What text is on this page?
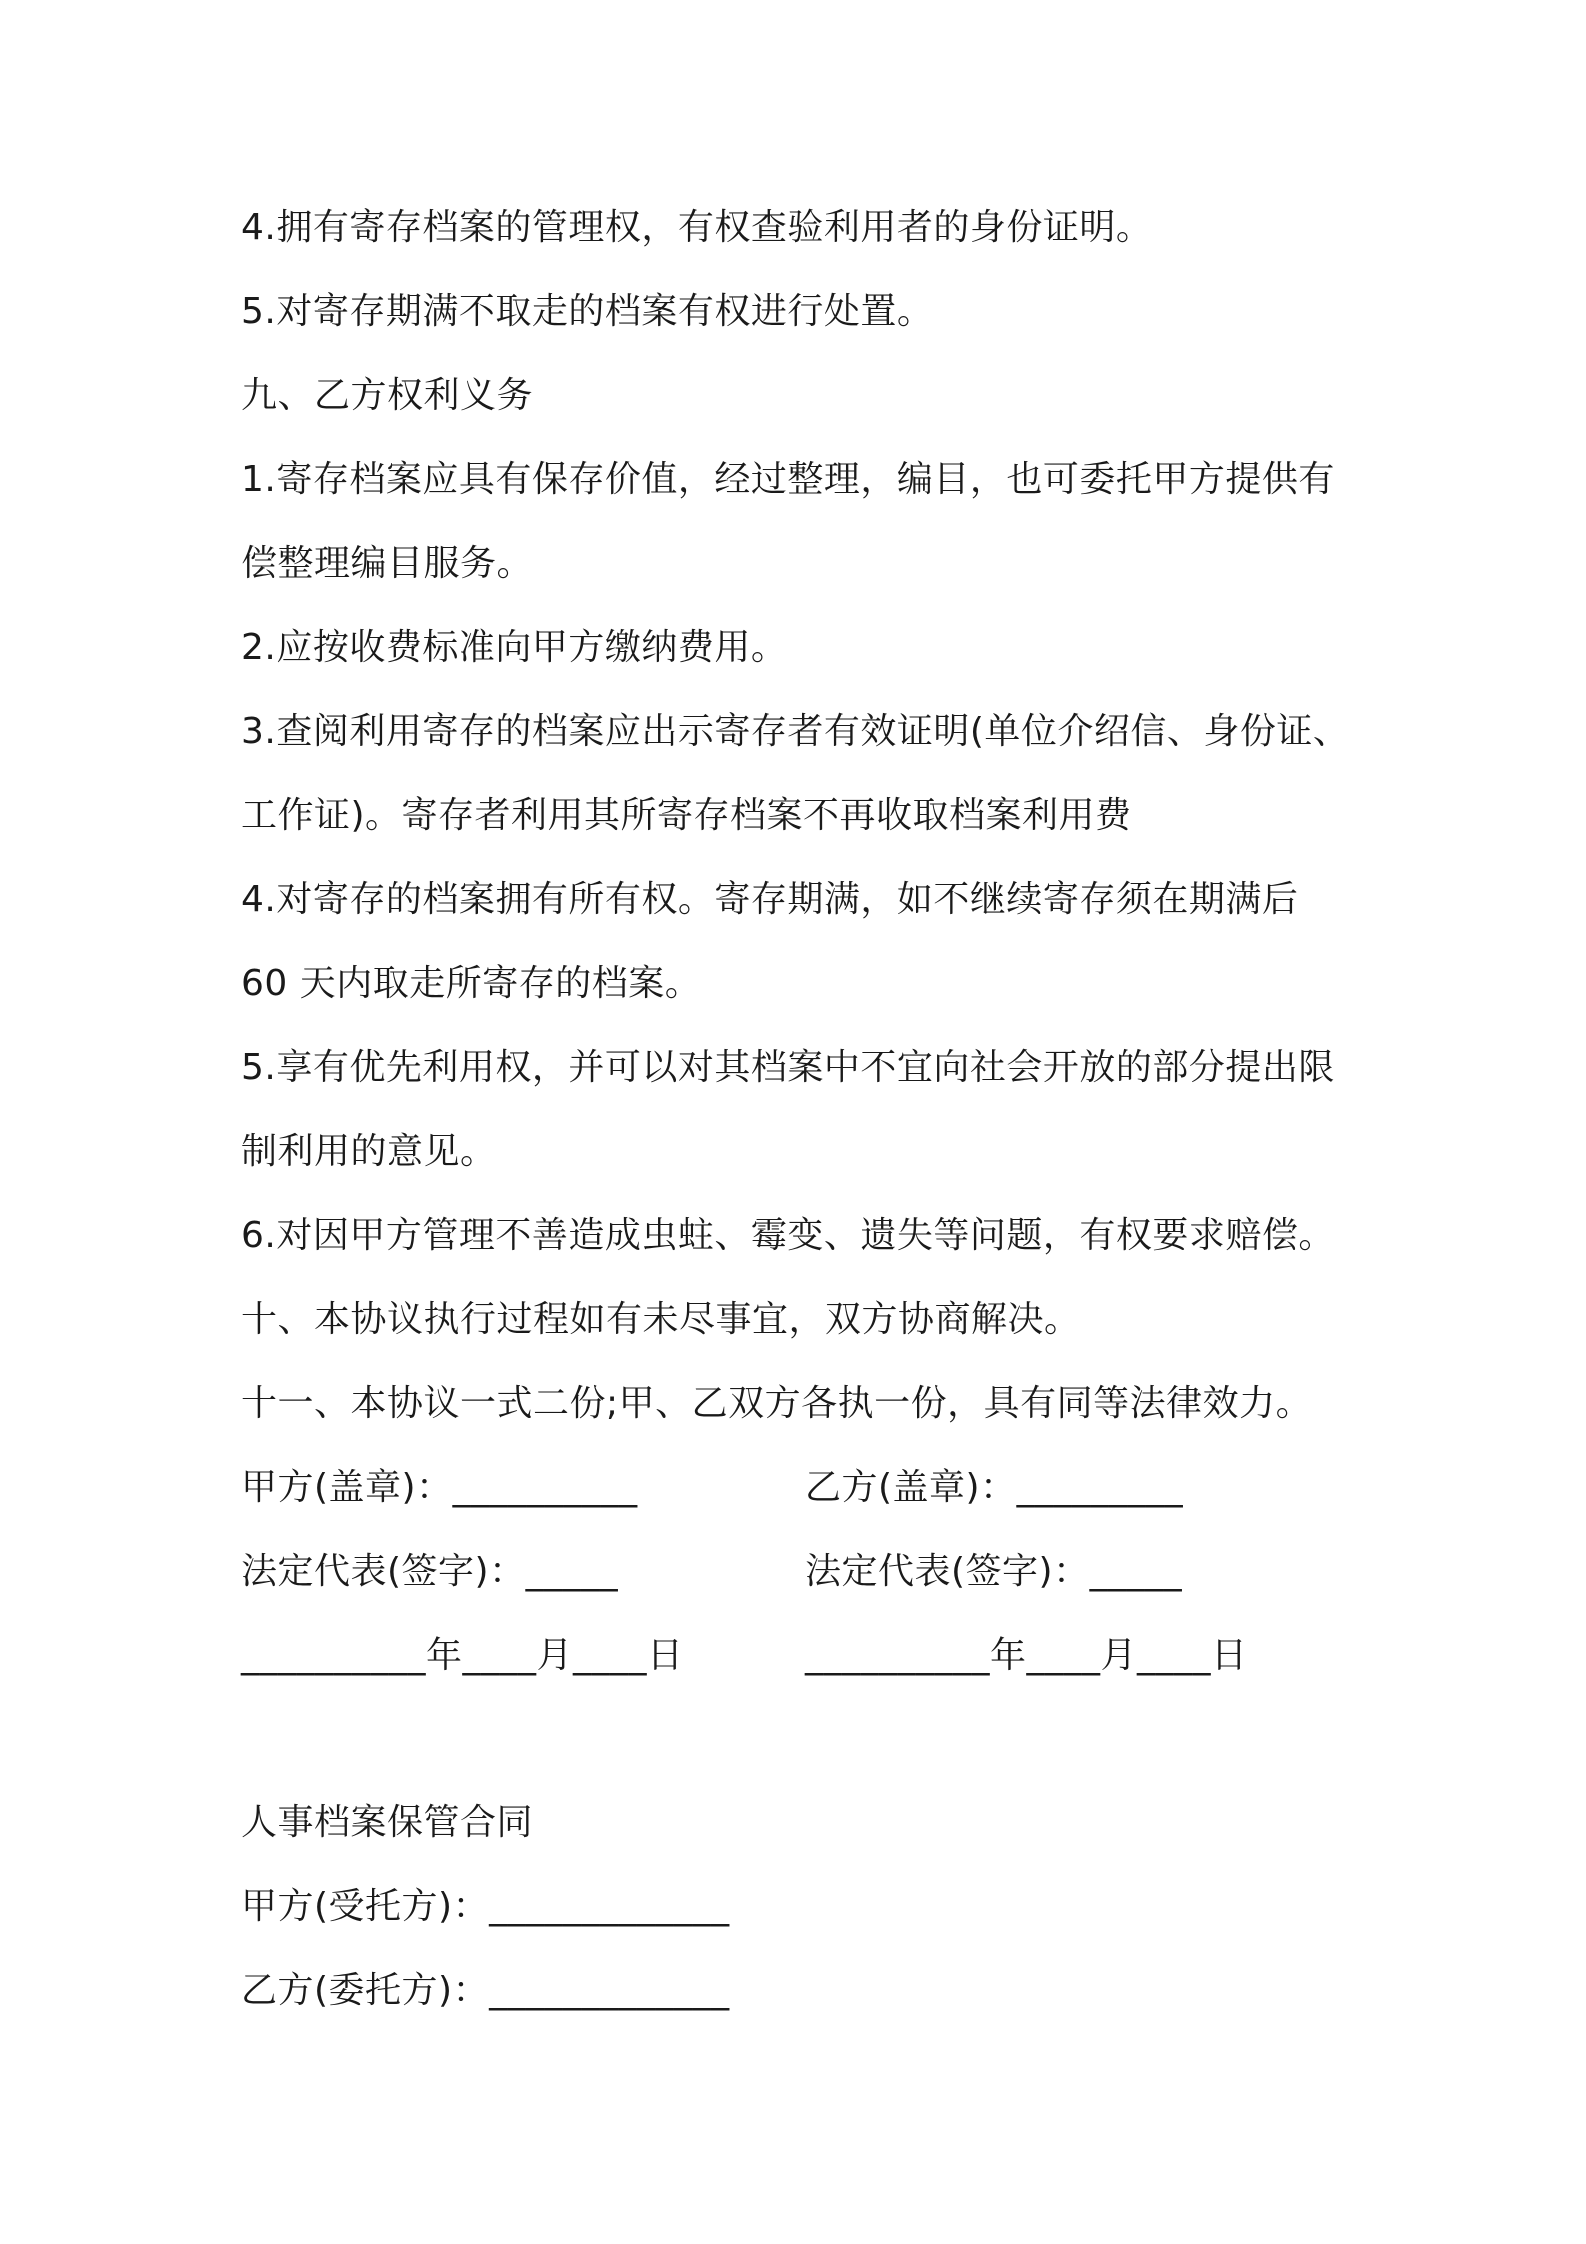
4.拥有寄存档案的管理权，有权查验利用者的身份证明。
5.对寄存期满不取走的档案有权进行处置。
九、乙方权利义务
1.寄存档案应具有保存价值，经过整理，编目，也可委托甲方提供有
偿整理编目服务。
2.应按收费标准向甲方缴纳费用。
3.查阅利用寄存的档案应出示寄存者有效证明(单位介绍信、身份证、
工作证)。寄存者利用其所寄存档案不再收取档案利用费
4.对寄存的档案拥有所有权。寄存期满，如不继续寄存须在期满后
60 天内取走所寄存的档案。
5.享有优先利用权，并可以对其档案中不宜向社会开放的部分提出限
制利用的意见。
6.对因甲方管理不善造成虫蛀、霉变、遗失等问题，有权要求赔偿。
十、本协议执行过程如有未尽事宜，双方协商解决。
十一、本协议一式二份;甲、乙双方各执一份，具有同等法律效力。
甲方(盖章)：__________	乙方(盖章)：_________
法定代表(签字)：_____	法定代表(签字)：_____
__________年____月____日	__________年____月____日
人事档案保管合同
甲方(受托方)：_____________
乙方(委托方)：_____________
